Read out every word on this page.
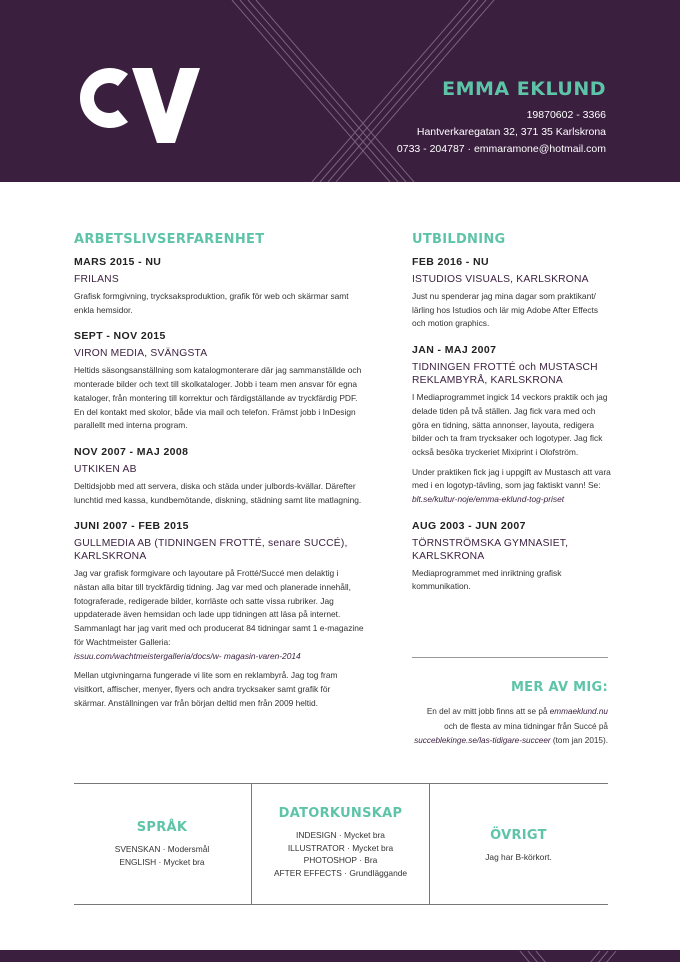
EMMA EKLUND
19870602 - 3366
Hantverkaregatan 32, 371 35 Karlskrona
0733 - 204787 · emmaramone@hotmail.com
ARBETSLIVSERFARENHET
MARS 2015 - NU
FRILANS
Grafisk formgivning, trycksaksproduktion, grafik för web och skärmar samt enkla hemsidor.
SEPT - NOV 2015
VIRON MEDIA, SVÄNGSTA
Heltids säsongsanställning som katalogmonterare där jag sammanställde och monterade bilder och text till skolkataloger. Jobb i team men ansvar för egna kataloger, från montering till korrektur och färdigställande av tryckfärdig PDF. En del kontakt med skolor, både via mail och telefon. Främst jobb i InDesign parallellt med interna program.
NOV 2007 - MAJ 2008
UTKIKEN AB
Deltidsjobb med att servera, diska och städa under julbords-kvällar. Därefter lunchtid med kassa, kundbemötande, diskning, städning samt lite matlagning.
JUNI 2007 - FEB 2015
GULLMEDIA AB (TIDNINGEN FROTTÉ, senare SUCCÉ), KARLSKRONA

Jag var grafisk formgivare och layoutare på Frotté/Succé men delaktig i nästan alla bitar till tryckfärdig tidning. Jag var med och planerade innehåll, fotograferade, redigerade bilder, korrläste och satte vissa rubriker. Jag uppdaterade även hemsidan och lade upp tidningen att läsa på internet. Sammanlagt har jag varit med och producerat 84 tidningar samt 1 e-magazine för Wachtmeister Galleria:
issuu.com/wachtmeistergalleria/docs/w- magasin-varen-2014

Mellan utgivningarna fungerade vi lite som en reklambyrå. Jag tog fram visitkort, affischer, menyer, flyers och andra trycksaker samt grafik för skärmar. Anställningen var från början deltid men från 2009 heltid.

UTBILDNING
FEB 2016 - NU
ISTUDIOS VISUALS, KARLSKRONA
Just nu spenderar jag mina dagar som praktikant/ lärling hos Istudios och lär mig Adobe After Effects och motion graphics.
JAN - MAJ 2007
TIDNINGEN FROTTÉ och MUSTASCH REKLAMBYRÅ, KARLSKRONA

I Mediaprogrammet ingick 14 veckors praktik och jag delade tiden på två ställen. Jag fick vara med och göra en tidning, sätta annonser, layouta, redigera bilder och ta fram trycksaker och logotyper. Jag fick också besöka tryckeriet Mixiprint i Olofström.

Under praktiken fick jag i uppgift av Mustasch att vara med i en logotyp-tävling, som jag faktiskt vann! Se: blt.se/kultur-noje/emma-eklund-tog-priset

AUG 2003 - JUN 2007
TÖRNSTRÖMSKA GYMNASIET, KARLSKRONA
Mediaprogrammet med inriktning grafisk kommunikation.
MER AV MIG:
En del av mitt jobb finns att se på emmaeklund.nu
och de flesta av mina tidningar från Succé på
succeblekinge.se/las-tidigare-succeer (tom jan 2015).
SPRÅK
SVENSKAN · Modersmål
ENGLISH · Mycket bra
DATORKUNSKAP
INDESIGN · Mycket bra
ILLUSTRATOR · Mycket bra
PHOTOSHOP · Bra
AFTER EFFECTS · Grundläggande
ÖVRIGT
Jag har B-körkort.
